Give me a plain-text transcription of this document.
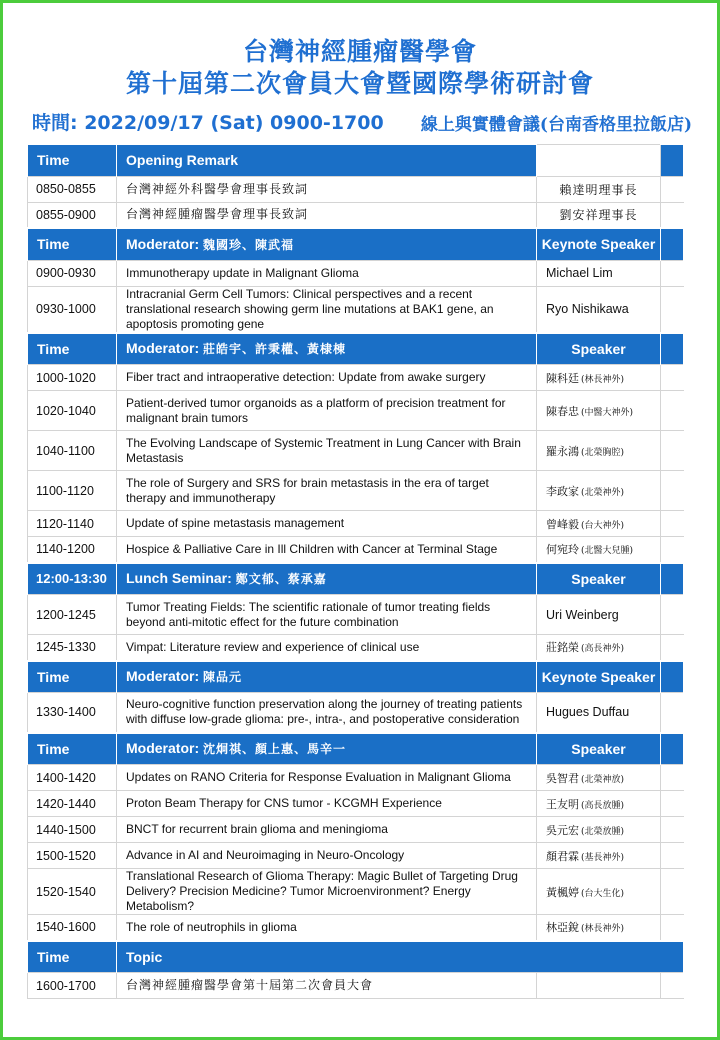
台灣神經腫瘤醫學會
第十屆第二次會員大會暨國際學術研討會
時間: 2022/09/17 (Sat) 0900-1700 線上與實體會議(台南香格里拉飯店)
Time	Opening Remark		
0850-0855	台灣神經外科醫學會理事長致詞	賴達明理事長	
0855-0900	台灣神經腫瘤醫學會理事長致詞	劉安祥理事長	
Time	Moderator: 魏國珍、陳武福	Keynote Speaker	
0900-0930	Immunotherapy update in Malignant Glioma	Michael Lim	
0930-1000	Intracranial Germ Cell Tumors: Clinical perspectives and a recent translational research showing germ line mutations at BAK1 gene, an apoptosis promoting gene	Ryo Nishikawa	
Time	Moderator: 莊皓宇、許秉權、黃棣棟	Speaker	
1000-1020	Fiber tract and intraoperative detection: Update from awake surgery	陳科廷 (林長神外)	
1020-1040	Patient-derived tumor organoids as a platform of precision treatment for malignant brain tumors	陳春忠 (中醫大神外)	
1040-1100	The Evolving Landscape of Systemic Treatment in Lung Cancer with Brain Metastasis	羅永鴻 (北榮胸腔)	
1100-1120	The role of Surgery and SRS for brain metastasis in the era of target therapy and immunotherapy	李政家 (北榮神外)	
1120-1140	Update of spine metastasis management	曾峰毅 (台大神外)	
1140-1200	Hospice & Palliative Care in Ill Children with Cancer at Terminal Stage	何宛玲 (北醫大兒腫)	
12:00-13:30	Lunch Seminar: 鄭文郁、蔡承嘉	Speaker	
1200-1245	Tumor Treating Fields: The scientific rationale of tumor treating fields beyond anti-mitotic effect for the future combination	Uri Weinberg	
1245-1330	Vimpat: Literature review and experience of clinical use	莊銘榮 (高長神外)	
Time	Moderator: 陳品元	Keynote Speaker	
1330-1400	Neuro-cognitive function preservation along the journey of treating patients with diffuse low-grade glioma: pre-, intra-, and postoperative consideration	Hugues Duffau	
Time	Moderator: 沈炯祺、顏上惠、馬辛一	Speaker	
1400-1420	Updates on RANO Criteria for Response Evaluation in Malignant Glioma	吳智君 (北榮神放)	
1420-1440	Proton Beam Therapy for CNS tumor - KCGMH Experience	王友明 (高長放腫)	
1440-1500	BNCT for recurrent brain glioma and meningioma	吳元宏 (北榮放腫)	
1500-1520	Advance in AI and Neuroimaging in Neuro-Oncology	顏君霖 (基長神外)	
1520-1540	Translational Research of Glioma Therapy: Magic Bullet of Targeting Drug Delivery? Precision Medicine? Tumor Microenvironment? Energy Metabolism?	黃楓婷 (台大生化)	
1540-1600	The role of neutrophils in glioma	林亞銳 (林長神外)	
Time	Topic		
1600-1700	台灣神經腫瘤醫學會第十屆第二次會員大會		
